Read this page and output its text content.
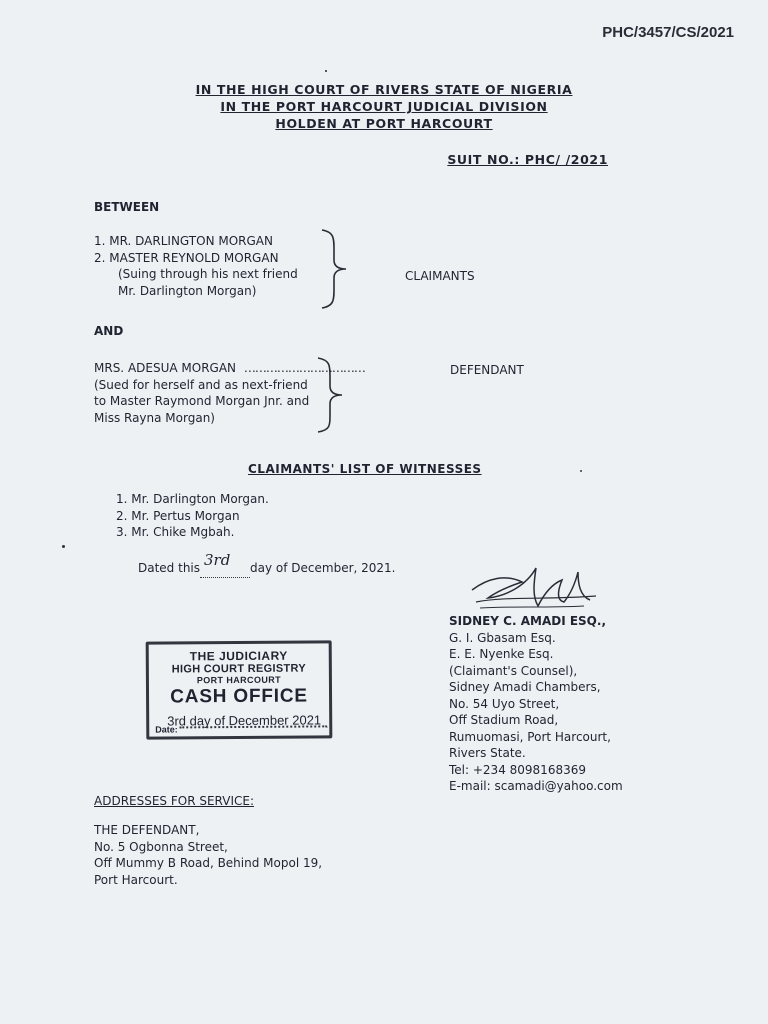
PHC/3457/CS/2021
IN THE HIGH COURT OF RIVERS STATE OF NIGERIA
IN THE PORT HARCOURT JUDICIAL DIVISION
HOLDEN AT PORT HARCOURT
SUIT NO.: PHC/ /2021
BETWEEN
1. MR. DARLINGTON MORGAN
2. MASTER REYNOLD MORGAN
(Suing through his next friend
Mr. Darlington Morgan)
CLAIMANTS
AND
MRS. ADESUA MORGAN ……………………………
(Sued for herself and as next-friend
to Master Raymond Morgan Jnr. and
Miss Rayna Morgan)
DEFENDANT
CLAIMANTS' LIST OF WITNESSES
1. Mr. Darlington Morgan.
2. Mr. Pertus Morgan
3. Mr. Chike Mgbah.
Dated this 3rd day of December, 2021.
SIDNEY C. AMADI ESQ.,
G. I. Gbasam Esq.
E. E. Nyenke Esq.
(Claimant's Counsel),
Sidney Amadi Chambers,
No. 54 Uyo Street,
Off Stadium Road,
Rumuomasi, Port Harcourt,
Rivers State.
Tel: +234 8098168369
E-mail: scamadi@yahoo.com
THE JUDICIARY
HIGH COURT REGISTRY
PORT HARCOURT
CASH OFFICE
3rd day of December 2021
Date:
ADDRESSES FOR SERVICE:
THE DEFENDANT,
No. 5 Ogbonna Street,
Off Mummy B Road, Behind Mopol 19,
Port Harcourt.
